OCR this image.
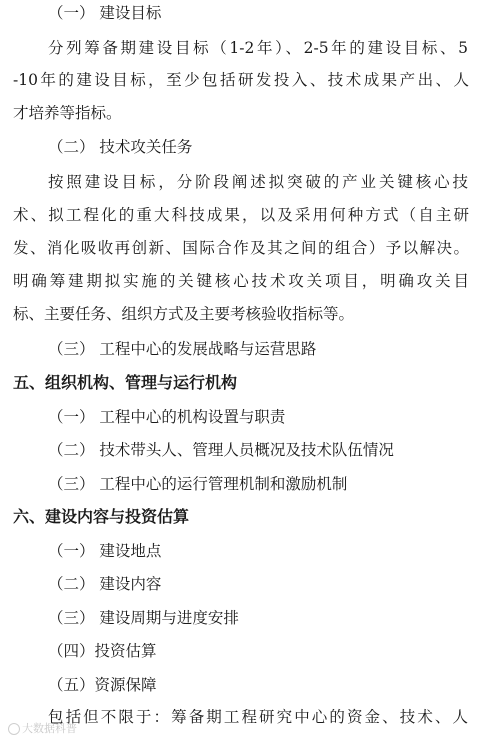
（一） 建设目标
分列筹备期建设目标（1-2年）、2-5年的建设目标、5
-10年的建设目标，至少包括研发投入、技术成果产出、人
才培养等指标。
（二） 技术攻关任务
按照建设目标，分阶段阐述拟突破的产业关键核心技
术、拟工程化的重大科技成果，以及采用何种方式（自主研
发、消化吸收再创新、国际合作及其之间的组合）予以解决。
明确筹建期拟实施的关键核心技术攻关项目，明确攻关目
标、主要任务、组织方式及主要考核验收指标等。
（三） 工程中心的发展战略与运营思路
五、组织机构、管理与运行机构
（一） 工程中心的机构设置与职责
（二） 技术带头人、管理人员概况及技术队伍情况
（三） 工程中心的运行管理机制和激励机制
六、建设内容与投资估算
（一） 建设地点
（二） 建设内容
（三） 建设周期与进度安排
（四）投资估算
（五）资源保障
包括但不限于：筹备期工程研究中心的资金、技术、人
大数据科普
